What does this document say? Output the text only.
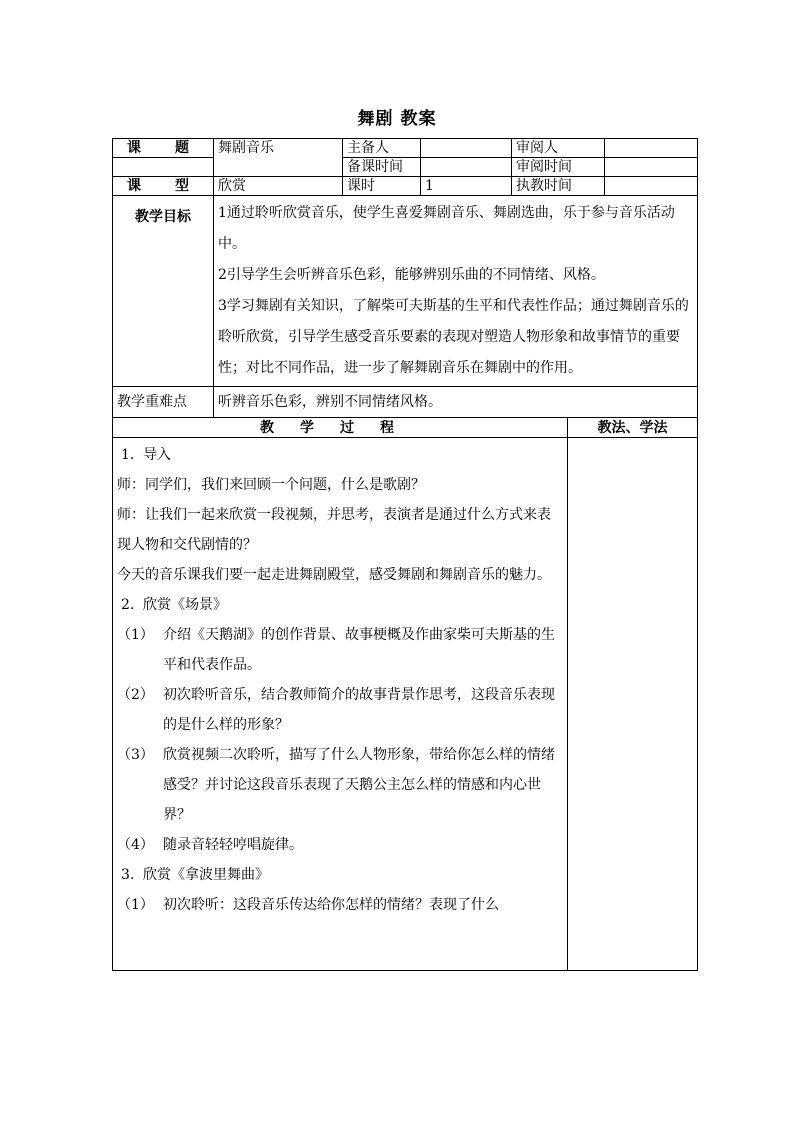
舞剧 教案
课　题	舞剧音乐	主备人			审阅人	

	备课时间			审阅时间	

课　型	欣赏	课时	1		执教时间	

教学目标	1通过聆听欣赏音乐，使学生喜爱舞剧音乐、舞剧选曲，乐于参与音乐活动中。

2引导学生会听辨音乐色彩，能够辨别乐曲的不同情绪、风格。

3学习舞剧有关知识，了解柴可夫斯基的生平和代表性作品；通过舞剧音乐的聆听欣赏，引导学生感受音乐要素的表现对塑造人物形象和故事情节的重要性；对比不同作品，进一步了解舞剧音乐在舞剧中的作用。

教学重难点	听辨音乐色彩，辨别不同情绪风格。
教学过程	教法、学法

1. 导入

师：同学们，我们来回顾一个问题，什么是歌剧？

师：让我们一起来欣赏一段视频，并思考，表演者是通过什么方式来表现人物和交代剧情的？

今天的音乐课我们要一起走进舞剧殿堂，感受舞剧和舞剧音乐的魅力。

2. 欣赏《场景》

（1） 介绍《天鹅湖》的创作背景、故事梗概及作曲家柴可夫斯基的生平和代表作品。
（2） 初次聆听音乐，结合教师简介的故事背景作思考，这段音乐表现的是什么样的形象？
（3） 欣赏视频二次聆听，描写了什么人物形象，带给你怎么样的情绪感受？并讨论这段音乐表现了天鹅公主怎么样的情感和内心世界？
（4） 随录音轻轻哼唱旋律。

3. 欣赏《拿波里舞曲》

（1） 初次聆听：这段音乐传达给你怎样的情绪？表现了什么
